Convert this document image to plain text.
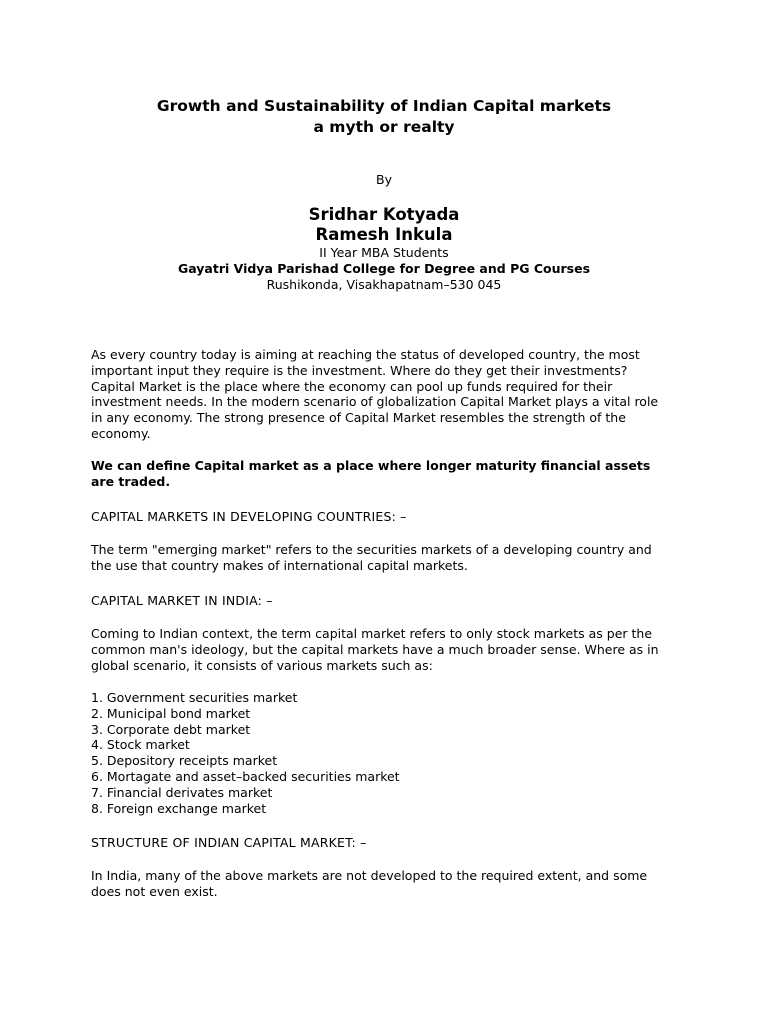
Growth and Sustainability of Indian Capital markets
a myth or realty

By

Sridhar Kotyada

Ramesh Inkula

II Year MBA Students

Gayatri Vidya Parishad College for Degree and PG Courses

Rushikonda, Visakhapatnam–530 045

As every country today is aiming at reaching the status of developed country, the most important input they require is the investment. Where do they get their investments? Capital Market is the place where the economy can pool up funds required for their investment needs. In the modern scenario of globalization Capital Market plays a vital role in any economy. The strong presence of Capital Market resembles the strength of the economy.

We can define Capital market as a place where longer maturity financial assets are traded.

CAPITAL MARKETS IN DEVELOPING COUNTRIES: –

The term "emerging market" refers to the securities markets of a developing country and the use that country makes of international capital markets.

CAPITAL MARKET IN INDIA: –

Coming to Indian context, the term capital market refers to only stock markets as per the common man's ideology, but the capital markets have a much broader sense. Where as in global scenario, it consists of various markets such as:

1. Government securities market
2. Municipal bond market
3. Corporate debt market
4. Stock market
5. Depository receipts market
6. Mortagate and asset–backed securities market
7. Financial derivates market
8. Foreign exchange market

STRUCTURE OF INDIAN CAPITAL MARKET: –

In India, many of the above markets are not developed to the required extent, and some does not even exist.
